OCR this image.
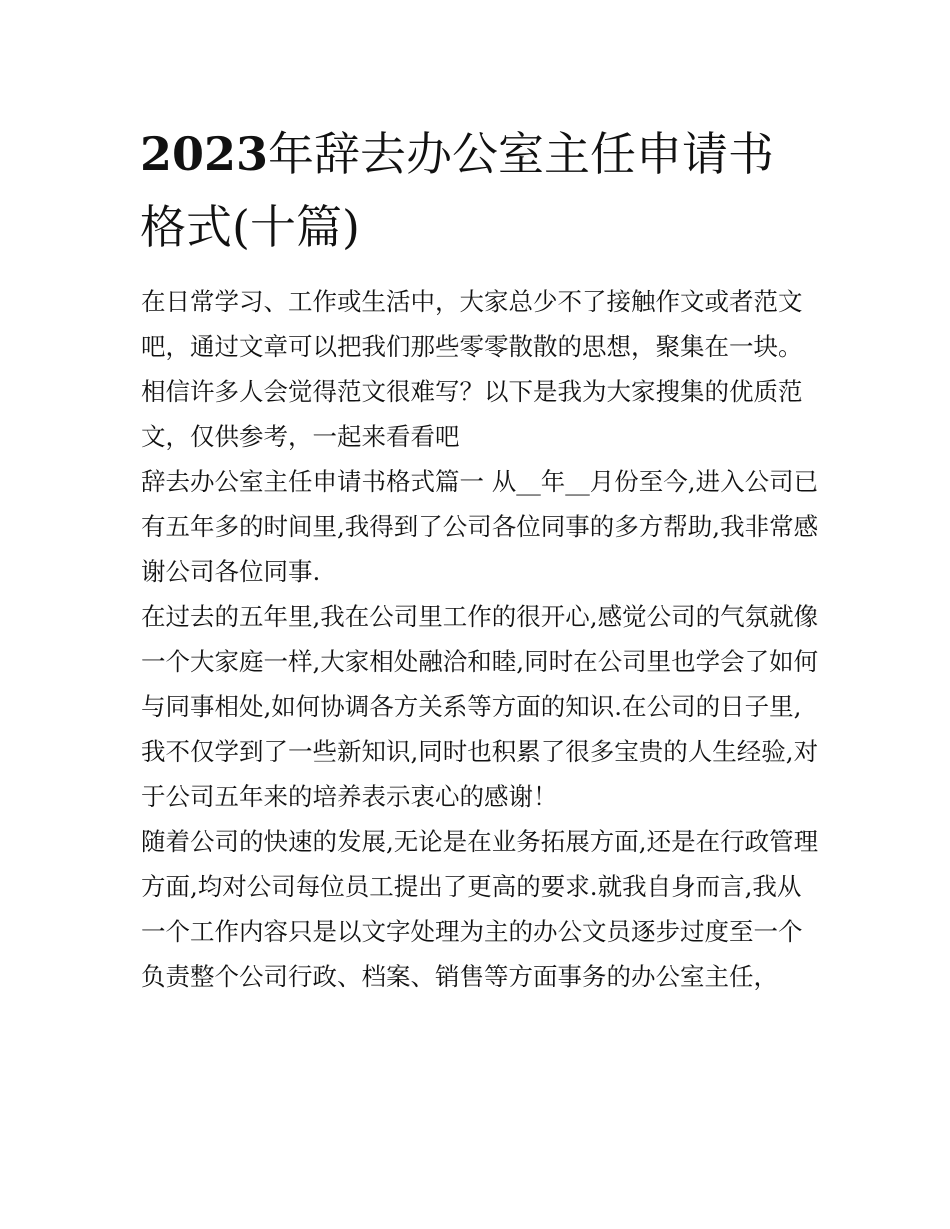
2023年辞去办公室主任申请书格式(十篇)

在日常学习、工作或生活中，大家总少不了接触作文或者范文吧，通过文章可以把我们那些零零散散的思想，聚集在一块。相信许多人会觉得范文很难写？以下是我为大家搜集的优质范文，仅供参考，一起来看看吧

辞去办公室主任申请书格式篇一 从__年__月份至今,进入公司已有五年多的时间里,我得到了公司各位同事的多方帮助,我非常感谢公司各位同事.

在过去的五年里,我在公司里工作的很开心,感觉公司的气氛就像一个大家庭一样,大家相处融洽和睦,同时在公司里也学会了如何与同事相处,如何协调各方关系等方面的知识.在公司的日子里,我不仅学到了一些新知识,同时也积累了很多宝贵的人生经验,对于公司五年来的培养表示衷心的感谢！

随着公司的快速的发展,无论是在业务拓展方面,还是在行政管理方面,均对公司每位员工提出了更高的要求.就我自身而言,我从一个工作内容只是以文字处理为主的办公文员逐步过度至一个负责整个公司行政、档案、销售等方面事务的办公室主任，
